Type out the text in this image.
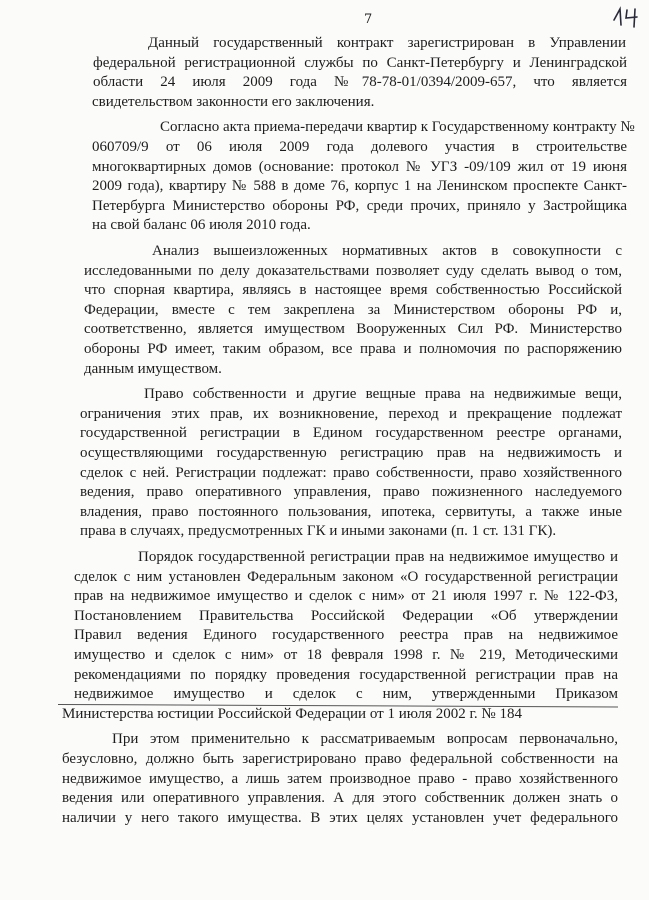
7
Данный государственный контракт зарегистрирован в Управлении
федеральной регистрационной службы по Санкт-Петербургу и Ленинградской
области 24 июля 2009 года №78-78-01/0394/2009-657, что является
свидетельством законности его заключения.
Согласно акта приема-передачи квартир к Государственному контракту №
060709/9 от 06 июля 2009 года долевого участия в строительстве
многоквартирных домов (основание: протокол № УГЗ -09/109 жил от 19 июня
2009 года), квартиру № 588 в доме 76, корпус 1 на Ленинском проспекте Санкт-
Петербурга Министерство обороны РФ, среди прочих, приняло у Застройщика
на свой баланс 06 июля 2010 года.
Анализ вышеизложенных нормативных актов в совокупности с
исследованными по делу доказательствами позволяет суду сделать вывод о том,
что спорная квартира, являясь в настоящее время собственностью Российской
Федерации, вместе с тем закреплена за Министерством обороны РФ и,
соответственно, является имуществом Вооруженных Сил РФ. Министерство
обороны РФ имеет, таким образом, все права и полномочия по распоряжению
данным имуществом.
Право собственности и другие вещные права на недвижимые вещи,
ограничения этих прав, их возникновение, переход и прекращение подлежат
государственной регистрации в Едином государственном реестре органами,
осуществляющими государственную регистрацию прав на недвижимость и
сделок с ней. Регистрации подлежат: право собственности, право хозяйственного
ведения, право оперативного управления, право пожизненного наследуемого
владения, право постоянного пользования, ипотека, сервитуты, а также иные
права в случаях, предусмотренных ГК и иными законами (п. 1 ст. 131 ГК).
Порядок государственной регистрации прав на недвижимое имущество и
сделок с ним установлен Федеральным законом «О государственной регистрации
прав на недвижимое имущество и сделок с ним» от 21 июля 1997 г. № 122-ФЗ,
Постановлением Правительства Российской Федерации «Об утверждении
Правил ведения Единого государственного реестра прав на недвижимое
имущество и сделок с ним» от 18 февраля 1998 г. № 219, Методическими
рекомендациями по порядку проведения государственной регистрации прав на
недвижимое имущество и сделок с ним, утвержденными Приказом
Министерства юстиции Российской Федерации от 1 июля 2002 г. № 184
При этом применительно к рассматриваемым вопросам первоначально,
безусловно, должно быть зарегистрировано право федеральной собственности на
недвижимое имущество, а лишь затем производное право - право хозяйственного
ведения или оперативного управления. А для этого собственник должен знать о
наличии у него такого имущества. В этих целях установлен учет федерального
